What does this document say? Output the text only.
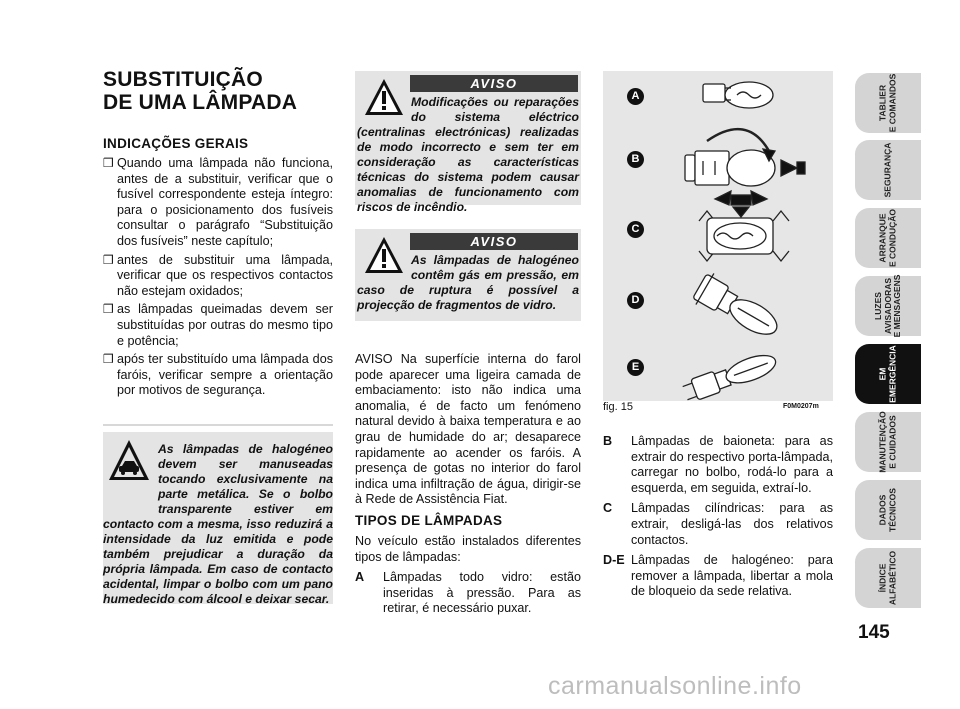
SUBSTITUIÇÃO
DE UMA LÂMPADA
INDICAÇÕES GERAIS
❒ Quando uma lâmpada não funciona, antes de a substituir, verificar que o fusível correspondente esteja íntegro: para o posicionamento dos fusíveis consultar o parágrafo “Substituição dos fusíveis” neste capítulo;
❒ antes de substituir uma lâmpada, verificar que os respectivos contactos não estejam oxidados;
❒ as lâmpadas queimadas devem ser substituídas por outras do mesmo tipo e potência;
❒ após ter substituído uma lâmpada dos faróis, verificar sempre a orientação por motivos de segurança.
As lâmpadas de halogéneo devem ser manuseadas tocando exclusivamente na parte metálica. Se o bolbo transparente estiver em contacto com a mesma, isso reduzirá a intensidade da luz emitida e pode também prejudicar a duração da própria lâmpada. Em caso de contacto acidental, limpar o bolbo com um pano humedecido com álcool e deixar secar.
AVISO
Modificações ou reparações do sistema eléctrico (centralinas electrónicas) realizadas de modo incorrecto e sem ter em consideração as características técnicas do sistema podem causar anomalias de funcionamento com riscos de incêndio.
AVISO
As lâmpadas de halogéneo contêm gás em pressão, em caso de ruptura é possível a projecção de fragmentos de vidro.
AVISO Na superfície interna do farol pode aparecer uma ligeira camada de embaciamento: isto não indica uma anomalia, é de facto um fenómeno natural devido à baixa temperatura e ao grau de humidade do ar; desaparece rapidamente ao acender os faróis. A presença de gotas no interior do farol indica uma infiltração de água, dirigir-se à Rede de Assistência Fiat.
TIPOS DE LÂMPADAS
No veículo estão instalados diferentes tipos de lâmpadas:
A	Lâmpadas todo vidro: estão inseridas à pressão. Para as retirar, é necessário puxar.
A
B
C
D
E
fig. 15	F0M0207m
B	Lâmpadas de baioneta: para as extrair do respectivo porta-lâmpada, carregar no bolbo, rodá-lo para a esquerda, em seguida, extraí-lo.
C	Lâmpadas cilíndricas: para as extrair, desligá-las dos relativos contactos.
D-E Lâmpadas de halogéneo: para remover a lâmpada, libertar a mola de bloqueio da sede relativa.
TABLIER
E COMANDOS
SEGURANÇA
ARRANQUE
E CONDUÇÃO
LUZES
AVISADORAS
E MENSAGENS
EM
EMERGÊNCIA
MANUTENÇÃO
E CUIDADOS
DADOS
TÉCNICOS
ÍNDICE
ALFABÉTICO
145
carmanualsonline.info
